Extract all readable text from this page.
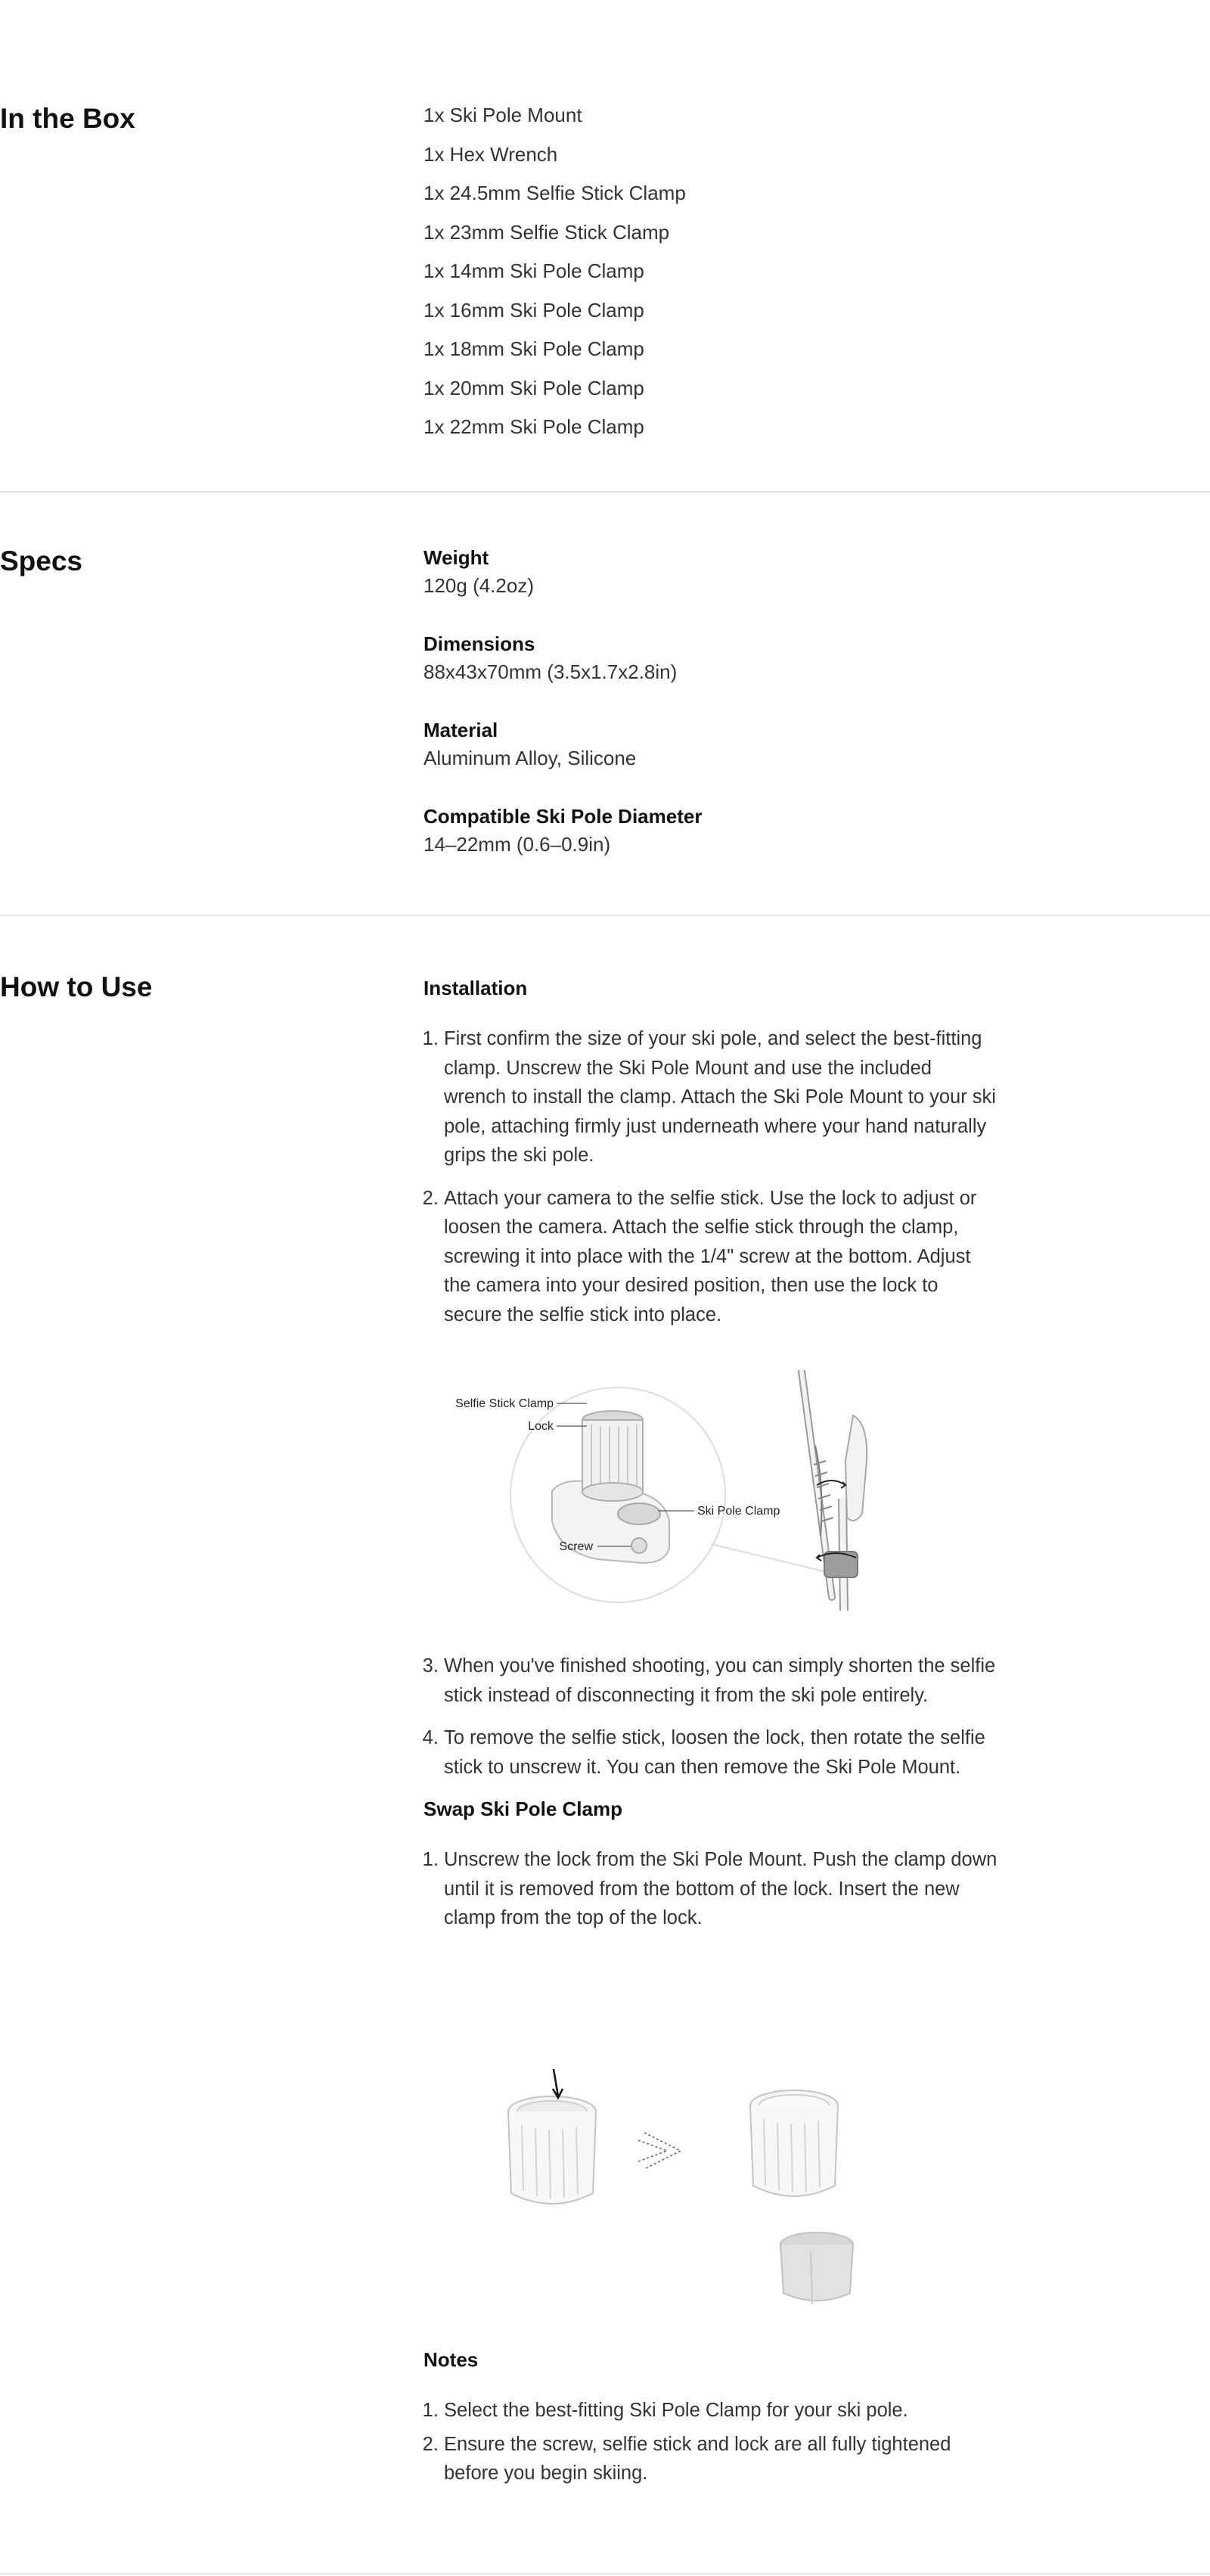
In the Box	1x Ski Pole Mount
1x Hex Wrench
1x 24.5mm Selfie Stick Clamp
1x 23mm Selfie Stick Clamp
1x 14mm Ski Pole Clamp
1x 16mm Ski Pole Clamp
1x 18mm Ski Pole Clamp
1x 20mm Ski Pole Clamp
1x 22mm Ski Pole Clamp
Specs	Weight
120g (4.2oz)
Dimensions
88x43x70mm (3.5x1.7x2.8in)
Material
Aluminum Alloy, Silicone
Compatible Ski Pole Diameter
14–22mm (0.6–0.9in)
How to Use	Installation
1. First confirm the size of your ski pole, and select the best-fitting clamp. Unscrew the Ski Pole Mount and use the included wrench to install the clamp. Attach the Ski Pole Mount to your ski pole, attaching firmly just underneath where your hand naturally grips the ski pole.
2. Attach your camera to the selfie stick. Use the lock to adjust or loosen the camera. Attach the selfie stick through the clamp, screwing it into place with the 1/4" screw at the bottom. Adjust the camera into your desired position, then use the lock to secure the selfie stick into place.
Selfie Stick Clamp
Lock
Ski Pole Clamp
Screw
3. When you've finished shooting, you can simply shorten the selfie stick instead of disconnecting it from the ski pole entirely.
4. To remove the selfie stick, loosen the lock, then rotate the selfie stick to unscrew it. You can then remove the Ski Pole Mount.
Swap Ski Pole Clamp
1. Unscrew the lock from the Ski Pole Mount. Push the clamp down until it is removed from the bottom of the lock. Insert the new clamp from the top of the lock.
Notes
1. Select the best-fitting Ski Pole Clamp for your ski pole.
2. Ensure the screw, selfie stick and lock are all fully tightened before you begin skiing.
